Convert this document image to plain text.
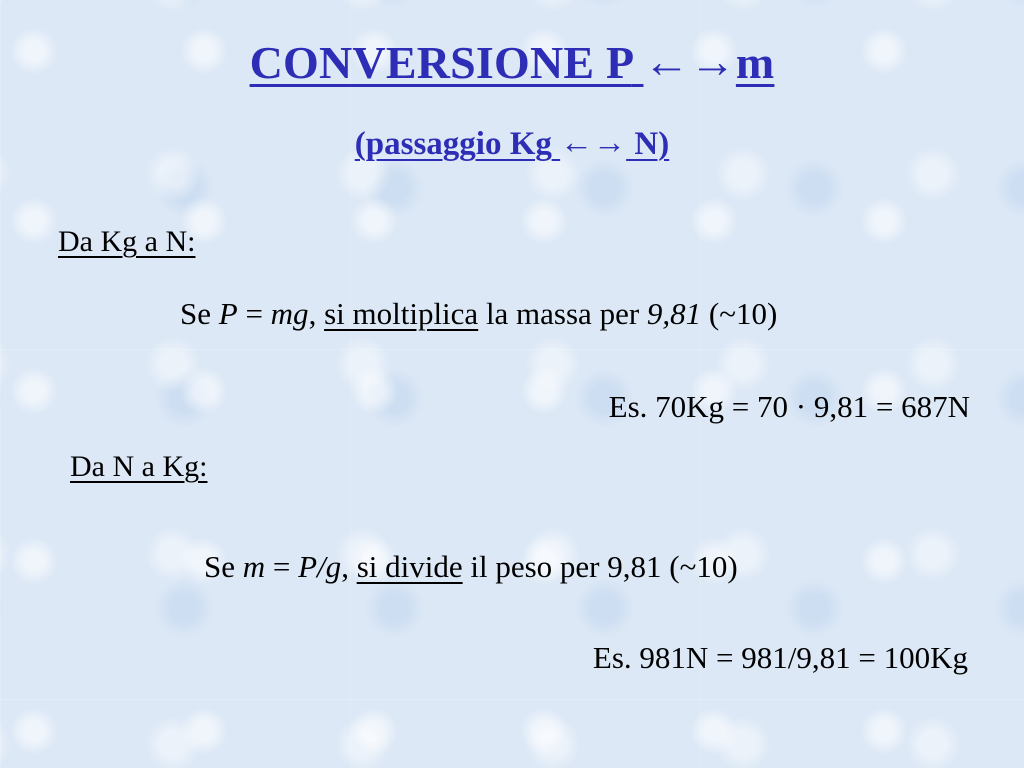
CONVERSIONE P ←→m
(passaggio Kg ←→ N)
Da Kg a N:
Se P = mg, si moltiplica la massa per 9,81 (~10)
Es. 70Kg = 70 · 9,81 = 687N
Da N a Kg:
Se m = P/g, si divide il peso per 9,81 (~10)
Es. 981N = 981/9,81 = 100Kg
